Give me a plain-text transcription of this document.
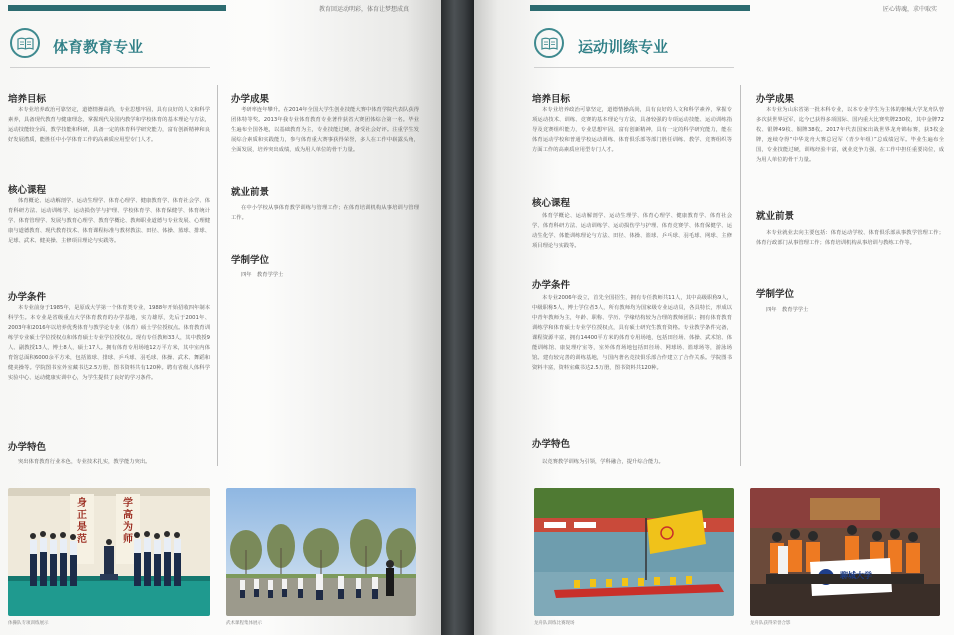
教育回运动明彩，体育让梦想成真
体育教育专业
培养目标
本专业培养政治可靠坚定，道德情操高尚，专业思想牢固，具有良好的人文和科学素养，具备现代教育与健康理念，掌握现代及国内教学和学校体育的基本理论与方法，运动技能较全面，教学技能和科研，具备一定的体育科学研究能力，富有创新精神和良好发展潜质，能胜任中小学体育工作的高素质应用型专门人才。
核心课程
体育概论、运动解剖学、运动生理学、体育心理学、健康教育学、体育社会学、体育科研方法、运动训练学、运动损伤学与护理、学校体育学、体育保健学、体育统计学、体育管理学、发展与教育心理学、教育学概论、教师职业道德与专业发展、心理健康与道德教育、现代教育技术、体育课程标准与教材教法、田径、体操、篮球、排球、足球、武术、健美操、主修项目理论与实践等。
办学条件
本专业前身于1985年，是原成大学第一个体育类专业，1988年开始招收四年制本科学生。本专业是省级重点大学体育教育的办学基地，实力雄厚，先后于2001年、2003年和2016年以培养优秀体育与教学论专业（体育）硕士学位授权点。体育教育训练学专业硕士学位授权点和体育硕士专业学位授权点。现有专任教师33人，其中教授9人、副教授13人，博士8人，硕士17人。拥有体育专用场地12万平方米，其中室内体育馆总面积6000余平方米，包括篮球、排球、乒乓球、羽毛球、体操、武术、舞蹈和健美操等。学院图书室外室藏书达2.5万册，图书资料共有120种。聘有省级人体科学实验中心、运动健康实训中心，为学生提供了良好的学习条件。
办学特色
突出体育教育行业本色，专业技术扎实，教学能力突出。
办学成果
考研率连年攀升。在2014年全国大学生创业技能大赛中体育学院代表队获得团体特等奖。2013年我专业体育教育专业著作获省大赛团体综合第一名。毕业生遍布全国各地，以基础教育为主，专业技能过硬，备受社会好评。注重学生发展综合素质和实践能力，参与体育重大赛事获得荣誉，多人在工作中崭露头角，全面发展，培养突出成绩，成为用人单位的骨干力量。
就业前景
在中小学校从事体育教学训练与管理工作；在体育培训机构从事培训与管理工作。
学制学位
四年　教育学学士
身正是范
学高为师
体操队专项训练展示	武术课程集体展示
匠心铸魂，求中取实
运动训练专业
培养目标
本专业培养政治可靠坚定，道德情操高尚，具有良好的人文和科学素养，掌握专项运动技术、训练、竞赛的基本理论与方法，具备较强的专项运动技能、运动训练指导及竞赛组织能力，专业思想牢固，富有创新精神，具有一定的科学研究能力，能在体育运动学校和普通学校运动训练、体育俱乐部等部门胜任训练、教学、竞赛组织等方面工作的高素质应用型专门人才。
核心课程
体育学概论、运动解剖学、运动生理学、体育心理学、健康教育学、体育社会学、体育科研方法、运动训练学、运动损伤学与护理、体育竞赛学、体育保健学、运动生化学、体能训练理论与方法、田径、体操、篮球、乒乓球、羽毛球、网球、主修项目理论与实践等。
办学条件
本专业2006年设立，首先全国招生，拥有专任教师共11人，其中高级职称9人，中级职称5人，博士学位者3人，所有教师均为国家级专业运动员，各具特长，形成以中青年教师为主，年龄、职称、学历、学缘结构较为合理的教师团队；拥有体育教育训练学和体育硕士专业学位授权点，具有硕士研究生教育资格。专业教学条件完备，课程资源丰富，拥有14400平方米的体育专用场地，包括田径场、体操、武术馆、体能训练馆、康复理疗室等，室外体育场地包括田径场、网球场、篮球场等，游泳场馆。建有较完善的训练基地，与国内著名竞技俱乐部合作建立了合作关系。学院图书资料丰富，资料室藏书达2.5万册，图书资料共120种。
办学特色
以竞赛教学训练为引领，学科融合，提升综合能力。
办学成果
本专业为山东省第一批本科专业，以本专业学生为主体的躯械大学龙舟队曾多次获世界冠军，迄今已获得多项国际、国内重大比赛奖牌230枚，其中金牌72枚、银牌49枚、铜牌38枚。2017年代表国家出战世界龙舟锦标赛，获3枚金牌，连续夺得“中华龙舟大赛总冠军（青少年组）”总成绩冠军。毕业生遍布全国，专业技能过硬，训练经验丰富，就业竞争力强，在工作中担任重要岗位，成为用人单位的骨干力量。
就业前景
本专业就业去向主要包括：体育运动学校、体育俱乐部从事教学管理工作；体育行政部门从事管理工作；体育培训机构从事培训与教练工作等。
学制学位
四年　教育学学士
龙舟队训练比赛现场
聊城大学
龙舟队获得荣誉合影
